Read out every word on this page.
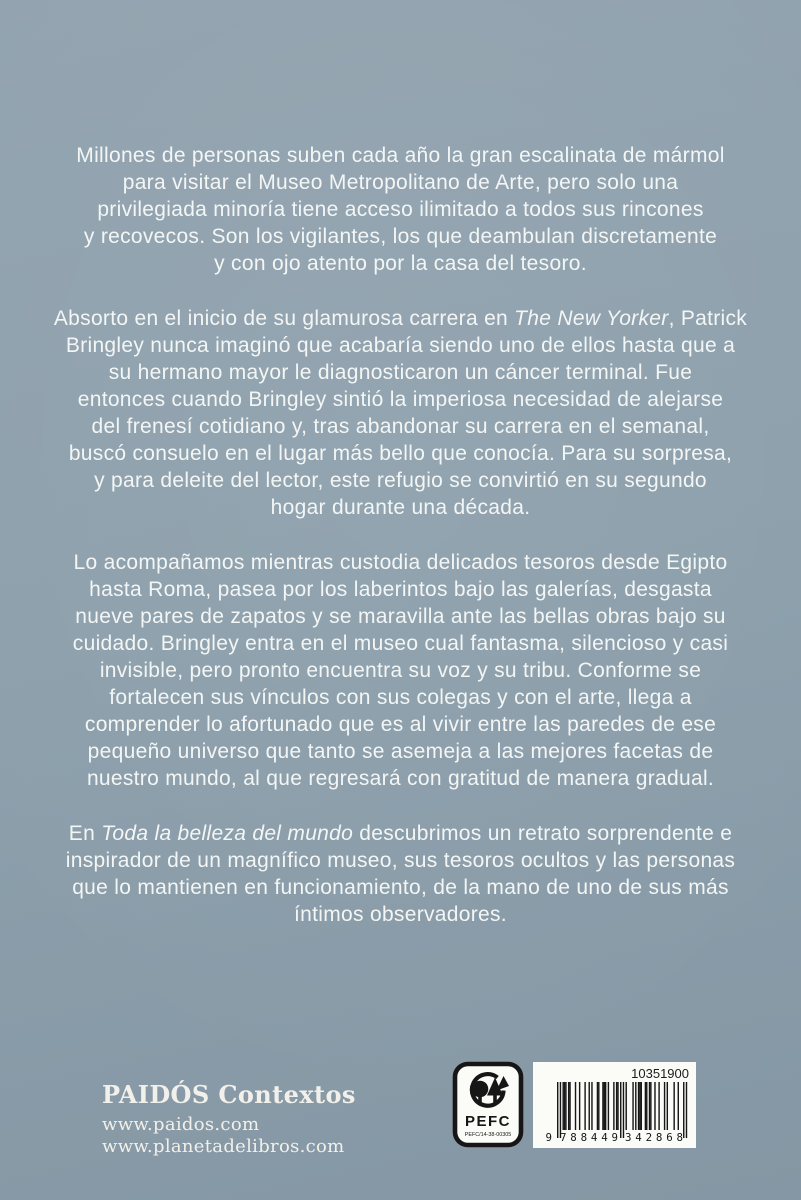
Millones de personas suben cada año la gran escalinata de mármol
para visitar el Museo Metropolitano de Arte, pero solo una
privilegiada minoría tiene acceso ilimitado a todos sus rincones
y recovecos. Son los vigilantes, los que deambulan discretamente
y con ojo atento por la casa del tesoro.
Absorto en el inicio de su glamurosa carrera en The New Yorker, Patrick
Bringley nunca imaginó que acabaría siendo uno de ellos hasta que a
su hermano mayor le diagnosticaron un cáncer terminal. Fue
entonces cuando Bringley sintió la imperiosa necesidad de alejarse
del frenesí cotidiano y, tras abandonar su carrera en el semanal,
buscó consuelo en el lugar más bello que conocía. Para su sorpresa,
y para deleite del lector, este refugio se convirtió en su segundo
hogar durante una década.
Lo acompañamos mientras custodia delicados tesoros desde Egipto
hasta Roma, pasea por los laberintos bajo las galerías, desgasta
nueve pares de zapatos y se maravilla ante las bellas obras bajo su
cuidado. Bringley entra en el museo cual fantasma, silencioso y casi
invisible, pero pronto encuentra su voz y su tribu. Conforme se
fortalecen sus vínculos con sus colegas y con el arte, llega a
comprender lo afortunado que es al vivir entre las paredes de ese
pequeño universo que tanto se asemeja a las mejores facetas de
nuestro mundo, al que regresará con gratitud de manera gradual.
En Toda la belleza del mundo descubrimos un retrato sorprendente e
inspirador de un magnífico museo, sus tesoros ocultos y las personas
que lo mantienen en funcionamiento, de la mano de uno de sus más
íntimos observadores.
PAIDÓS Contextos
www.paidos.com
www.planetadelibros.com
PEFC
PEFC/14-38-00305
10351900
9 788449 342868
